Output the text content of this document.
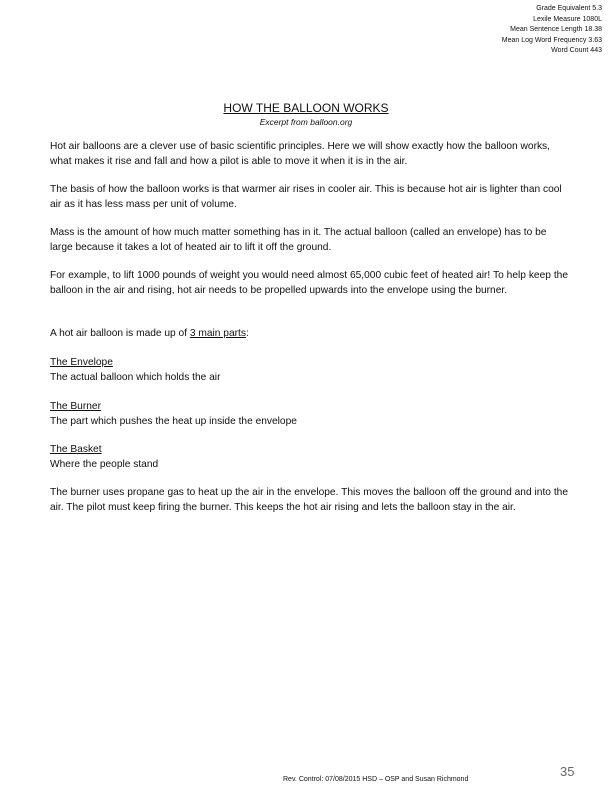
Grade Equivalent 5.3
Lexile Measure 1080L
Mean Sentence Length 18.38
Mean Log Word Frequency 3.63
Word Count 443
HOW THE BALLOON WORKS
Excerpt from balloon.org

Hot air balloons are a clever use of basic scientific principles. Here we will show exactly how the balloon works, what makes it rise and fall and how a pilot is able to move it when it is in the air.

The basis of how the balloon works is that warmer air rises in cooler air. This is because hot air is lighter than cool air as it has less mass per unit of volume.

Mass is the amount of how much matter something has in it. The actual balloon (called an envelope) has to be large because it takes a lot of heated air to lift it off the ground.

For example, to lift 1000 pounds of weight you would need almost 65,000 cubic feet of heated air! To help keep the balloon in the air and rising, hot air needs to be propelled upwards into the envelope using the burner.

A hot air balloon is made up of 3 main parts:
The Envelope
The actual balloon which holds the air
The Burner
The part which pushes the heat up inside the envelope
The Basket
Where the people stand

The burner uses propane gas to heat up the air in the envelope. This moves the balloon off the ground and into the air. The pilot must keep firing the burner. This keeps the hot air rising and lets the balloon stay in the air.

35
Rev. Control: 07/08/2015 HSD – OSP and Susan Richmond
